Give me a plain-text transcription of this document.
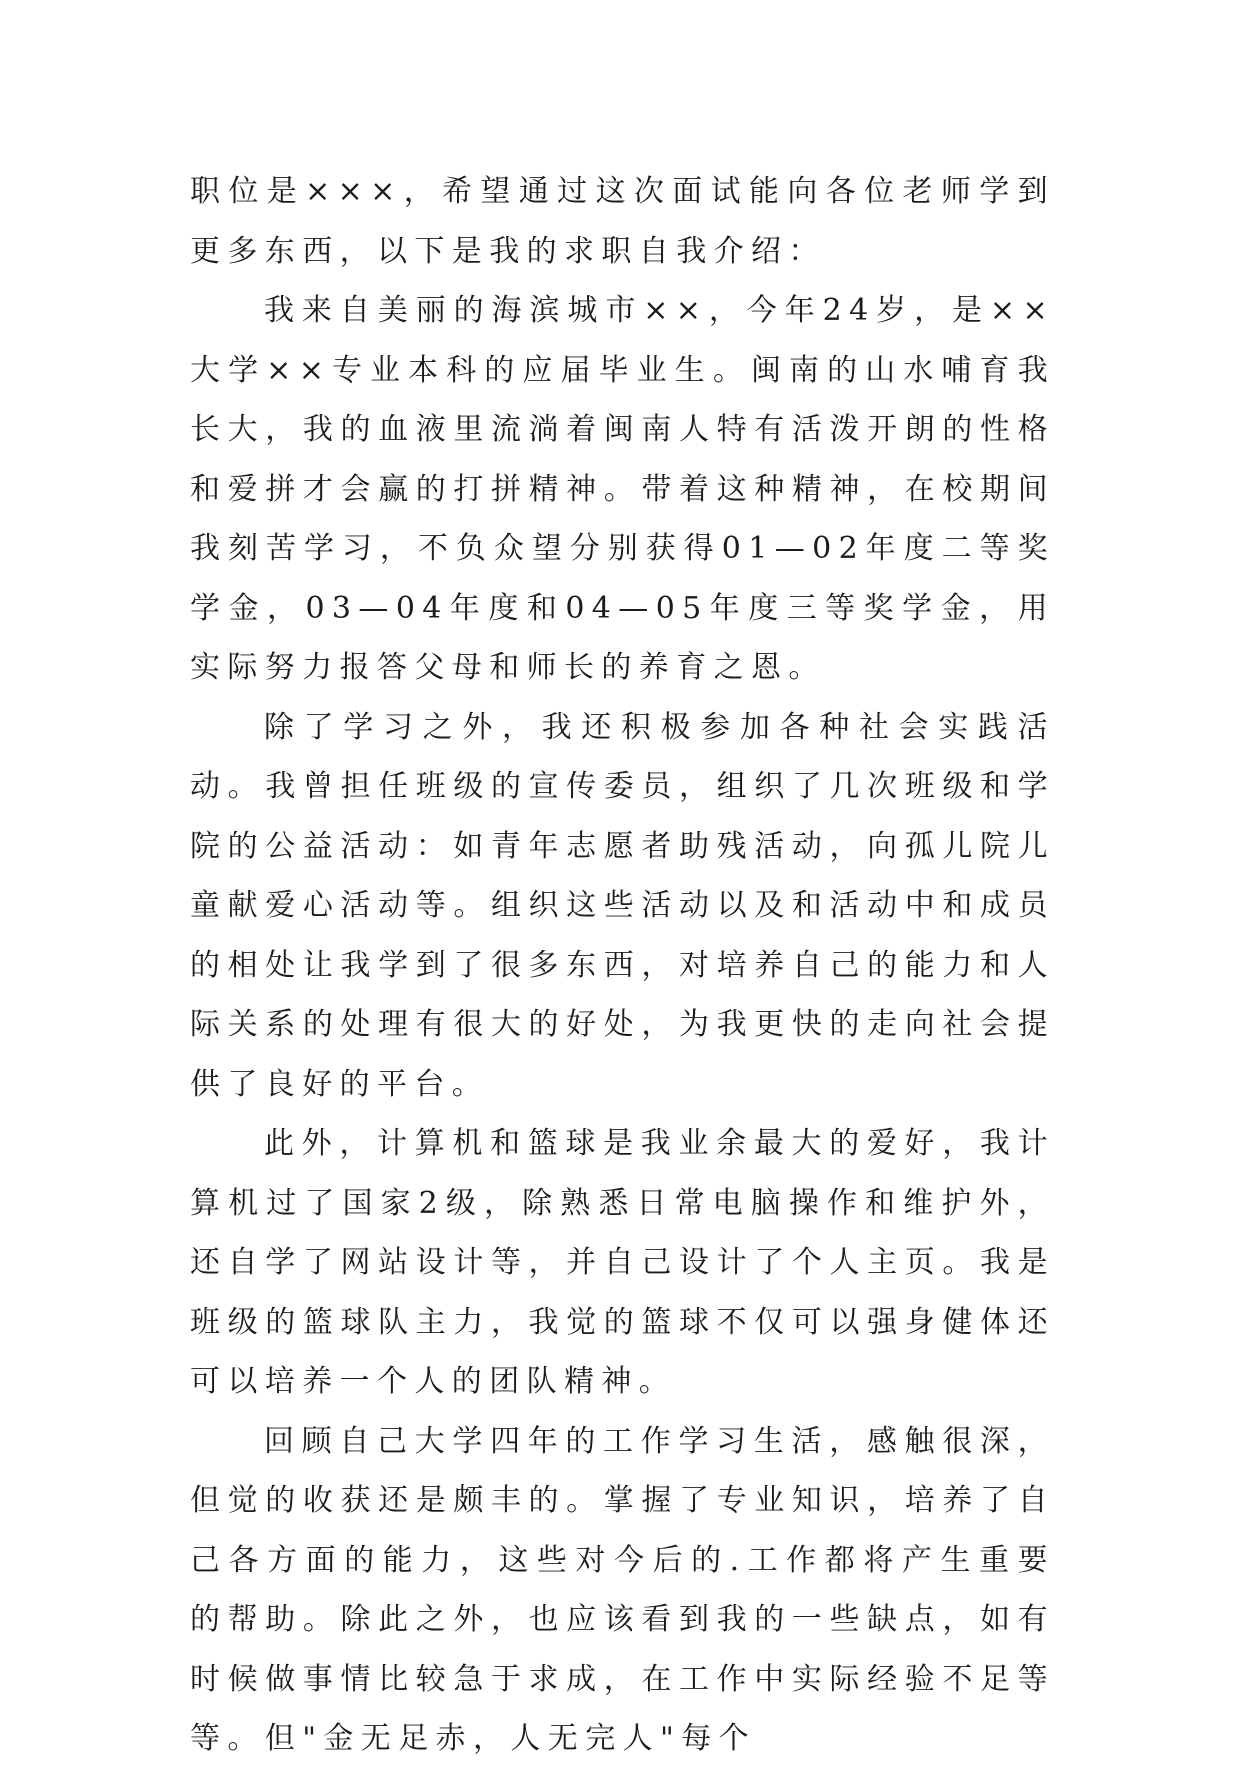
职位是×××，希望通过这次面试能向各位老师学到更多东西，以下是我的求职自我介绍：

我来自美丽的海滨城市××，今年24岁，是××大学××专业本科的应届毕业生。闽南的山水哺育我长大，我的血液里流淌着闽南人特有活泼开朗的性格和爱拼才会赢的打拼精神。带着这种精神，在校期间我刻苦学习，不负众望分别获得01—02年度二等奖学金，03—04年度和04—05年度三等奖学金，用实际努力报答父母和师长的养育之恩。

除了学习之外，我还积极参加各种社会实践活动。我曾担任班级的宣传委员，组织了几次班级和学院的公益活动：如青年志愿者助残活动，向孤儿院儿童献爱心活动等。组织这些活动以及和活动中和成员的相处让我学到了很多东西，对培养自己的能力和人际关系的处理有很大的好处，为我更快的走向社会提供了良好的平台。

此外，计算机和篮球是我业余最大的爱好，我计算机过了国家2级，除熟悉日常电脑操作和维护外，还自学了网站设计等，并自己设计了个人主页。我是班级的篮球队主力，我觉的篮球不仅可以强身健体还可以培养一个人的团队精神。

回顾自己大学四年的工作学习生活，感触很深，但觉的收获还是颇丰的。掌握了专业知识，培养了自己各方面的能力，这些对今后的.工作都将产生重要的帮助。除此之外，也应该看到我的一些缺点，如有时候做事情比较急于求成，在工作中实际经验不足等等。但"金无足赤，人无完人"每个
